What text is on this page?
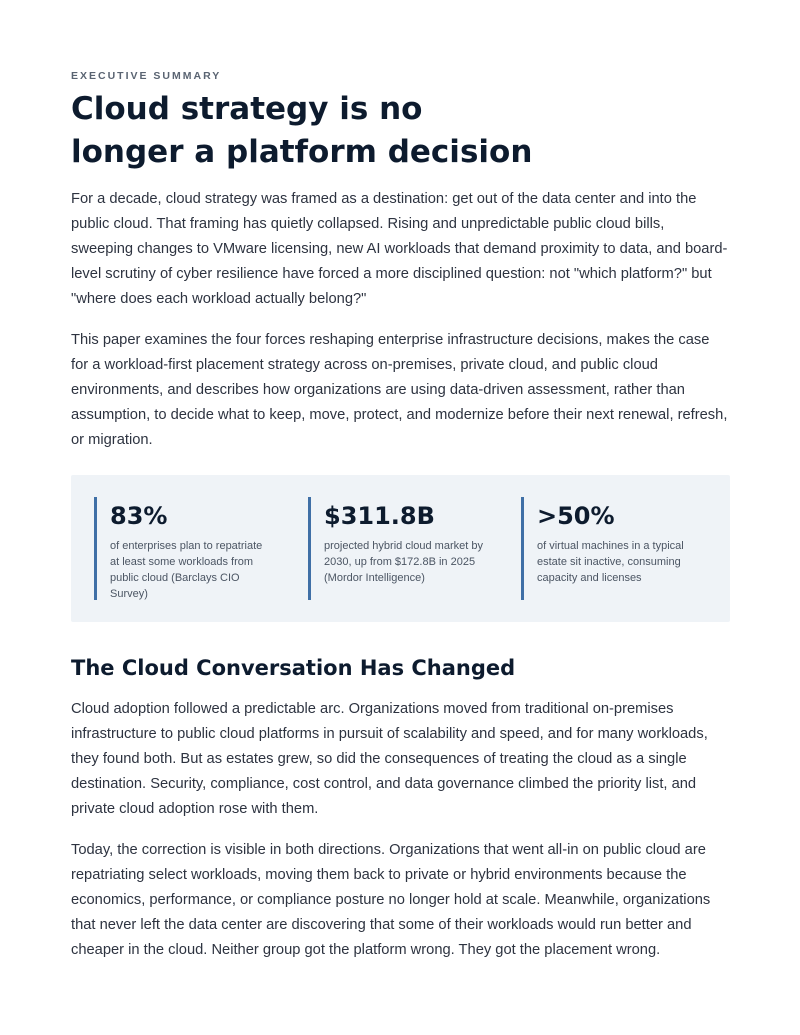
EXECUTIVE SUMMARY
Cloud strategy is no
longer a platform decision

For a decade, cloud strategy was framed as a destination: get out of the data center and into the public cloud. That framing has quietly collapsed. Rising and unpredictable public cloud bills, sweeping changes to VMware licensing, new AI workloads that demand proximity to data, and board-level scrutiny of cyber resilience have forced a more disciplined question: not "which platform?" but "where does each workload actually belong?"

This paper examines the four forces reshaping enterprise infrastructure decisions, makes the case for a workload-first placement strategy across on-premises, private cloud, and public cloud environments, and describes how organizations are using data-driven assessment, rather than assumption, to decide what to keep, move, protect, and modernize before their next renewal, refresh, or migration.

83%
of enterprises plan to repatriate at least some workloads from public cloud (Barclays CIO Survey)
$311.8B
projected hybrid cloud market by 2030, up from $172.8B in 2025 (Mordor Intelligence)
>50%
of virtual machines in a typical estate sit inactive, consuming capacity and licenses
The Cloud Conversation Has Changed

Cloud adoption followed a predictable arc. Organizations moved from traditional on-premises infrastructure to public cloud platforms in pursuit of scalability and speed, and for many workloads, they found both. But as estates grew, so did the consequences of treating the cloud as a single destination. Security, compliance, cost control, and data governance climbed the priority list, and private cloud adoption rose with them.

Today, the correction is visible in both directions. Organizations that went all-in on public cloud are repatriating select workloads, moving them back to private or hybrid environments because the economics, performance, or compliance posture no longer hold at scale. Meanwhile, organizations that never left the data center are discovering that some of their workloads would run better and cheaper in the cloud. Neither group got the platform wrong. They got the placement wrong.
